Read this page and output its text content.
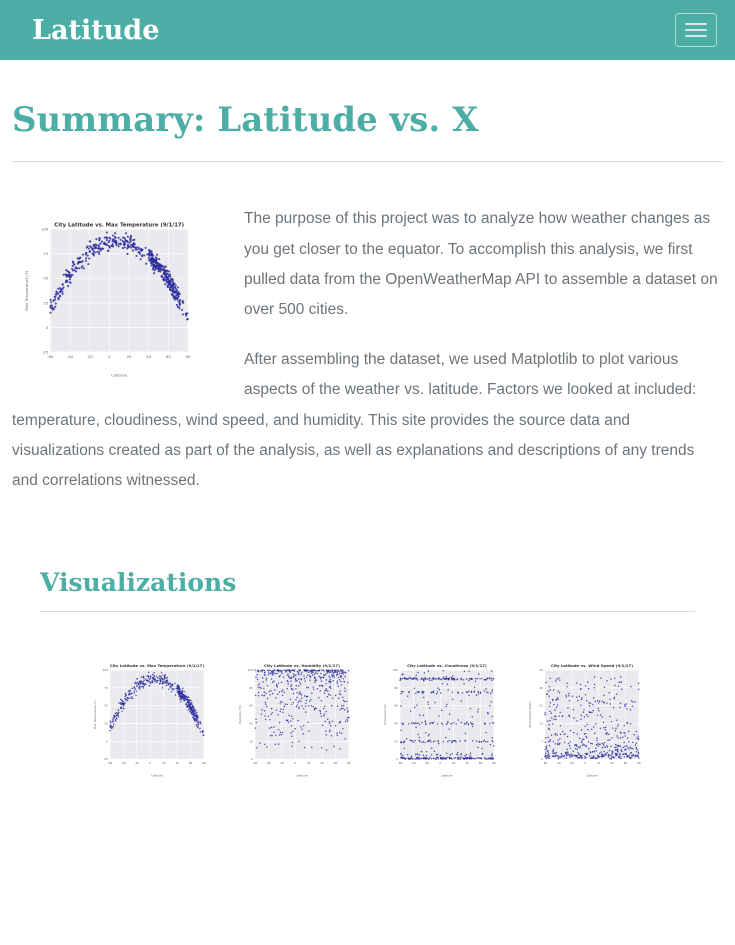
Latitude
Summary: Latitude vs. X
-60	-40	-20	0	20	40	60	80
-25
0
25
50
75
100
City Latitude vs. Max Temperature (9/1/17)
Max Temperature (F)
Latitude

The purpose of this project was to analyze how weather changes as you get closer to the equator. To accomplish this analysis, we first pulled data from the OpenWeatherMap API to assemble a dataset on over 500 cities.

After assembling the dataset, we used Matplotlib to plot various aspects of the weather vs. latitude. Factors we looked at included: temperature, cloudiness, wind speed, and humidity. This site provides the source data and visualizations created as part of the analysis, as well as explanations and descriptions of any trends and correlations witnessed.

Visualizations
-60	-40	-20	0	20	40	60	80
-25
0
25
50
75
100
City Latitude vs. Max Temperature (9/1/17)
Max Temperature (F)
Latitude
-60	-40	-20	0	20	40	60	80
0
20
40
60
80
100
City Latitude vs. Humidity (9/1/17)
Humidity (%)
Latitude
-60	-40	-20	0	20	40	60	80
0
20
40
60
80
100
City Latitude vs. Cloudiness (9/1/17)
Cloudiness (%)
Latitude
-60	-40	-20	0	20	40	60	80
0
7
14
21
28
35
City Latitude vs. Wind Speed (9/1/17)
Wind Speed (mph)
Latitude
